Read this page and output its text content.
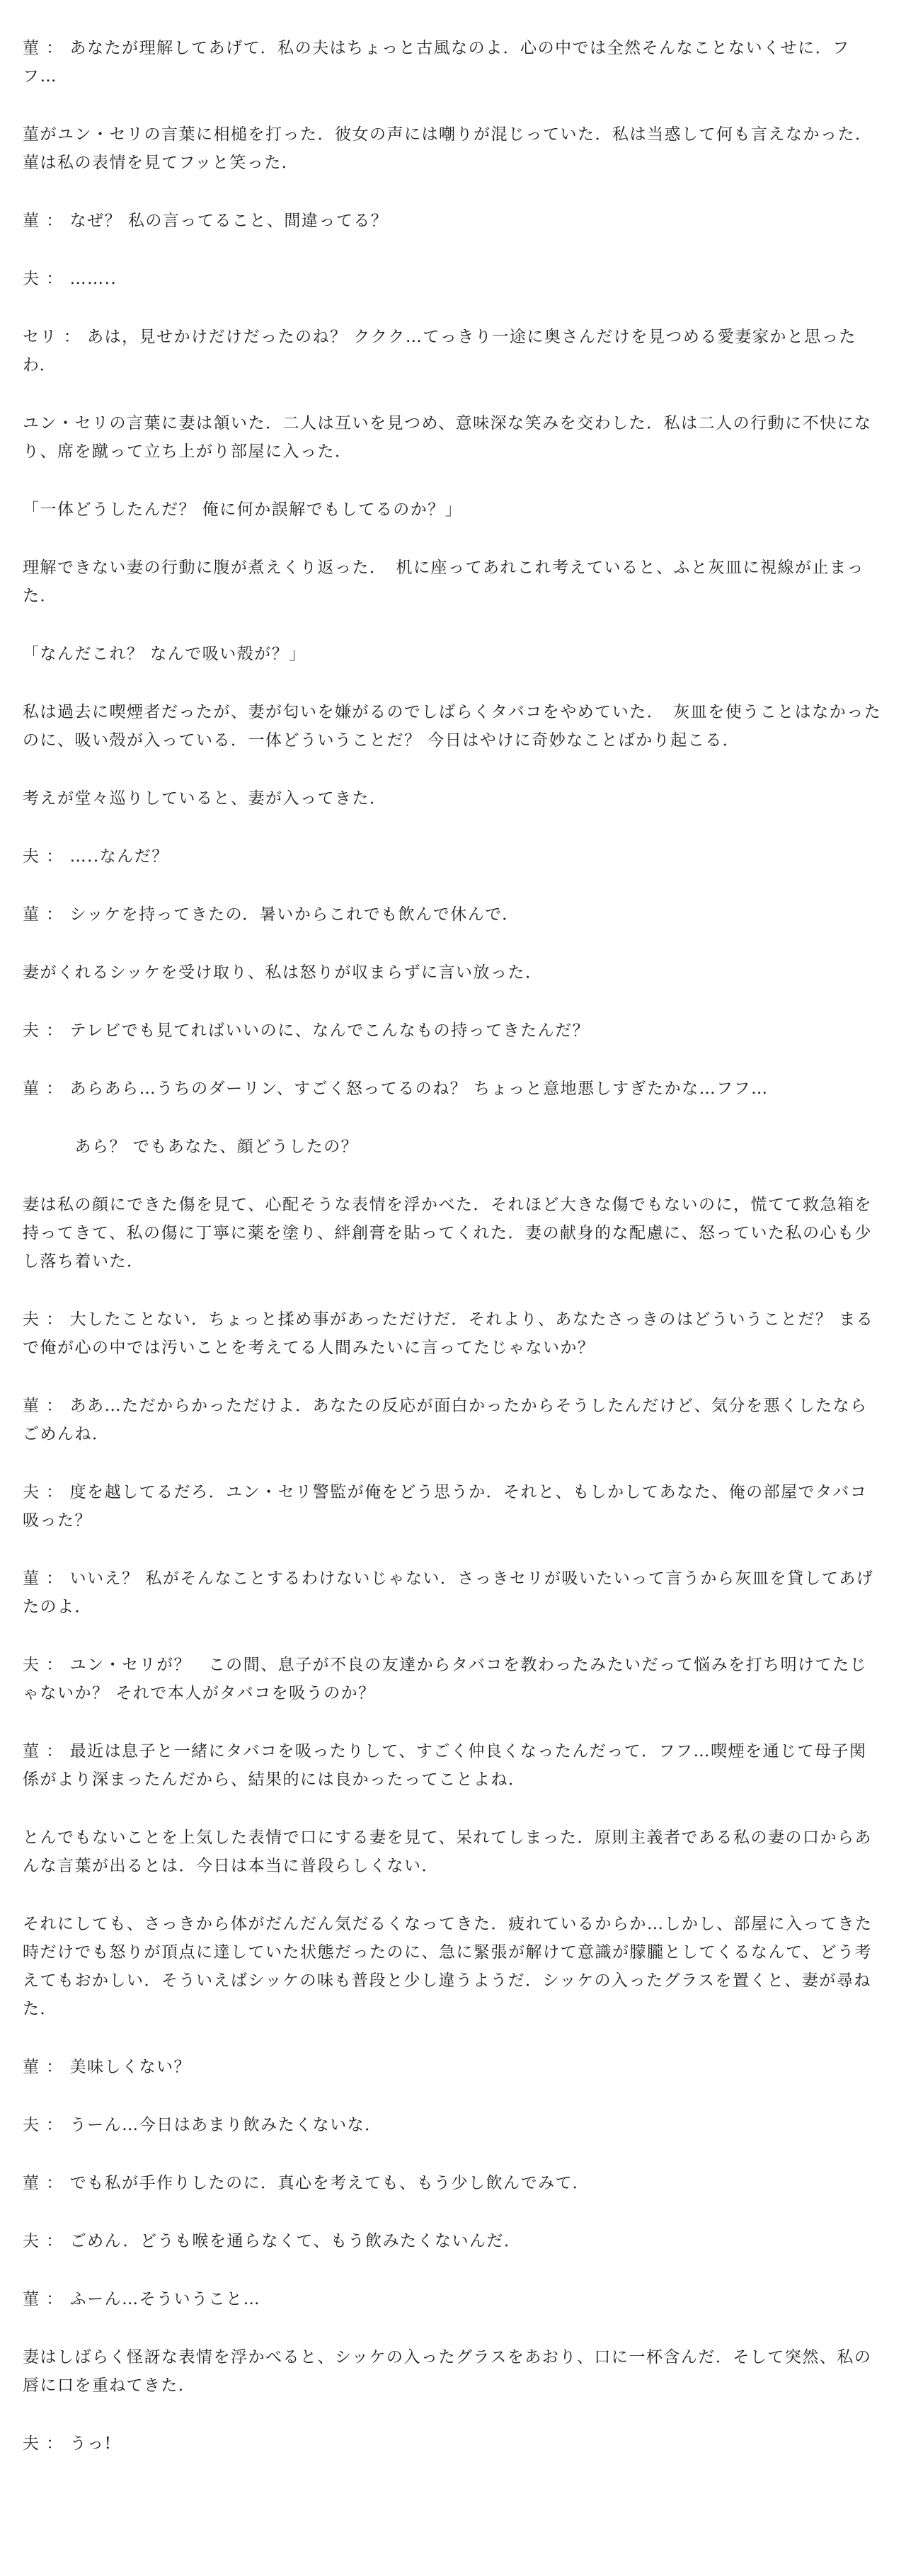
菫 ： あなたが理解してあげて．私の夫はちょっと古風なのよ．心の中では全然そんなことないくせに．フフ…

菫がユン・セリの言葉に相槌を打った．彼女の声には嘲りが混じっていた．私は当惑して何も言えなかった．菫は私の表情を見てフッと笑った．

菫 ： なぜ？ 私の言ってること、間違ってる？

夫 ： ……..

セリ ： あは，見せかけだけだったのね？ ククク…てっきり一途に奥さんだけを見つめる愛妻家かと思ったわ．

ユン・セリの言葉に妻は頷いた．二人は互いを見つめ、意味深な笑みを交わした．私は二人の行動に不快になり、席を蹴って立ち上がり部屋に入った．

「一体どうしたんだ？ 俺に何か誤解でもしてるのか？」

理解できない妻の行動に腹が煮えくり返った．　机に座ってあれこれ考えていると、ふと灰皿に視線が止まった．

「なんだこれ？ なんで吸い殻が？」

私は過去に喫煙者だったが、妻が匂いを嫌がるのでしばらくタバコをやめていた．　灰皿を使うことはなかったのに、吸い殻が入っている．一体どういうことだ？ 今日はやけに奇妙なことばかり起こる．

考えが堂々巡りしていると、妻が入ってきた．

夫 ： …..なんだ？

菫 ： シッケを持ってきたの．暑いからこれでも飲んで休んで．

妻がくれるシッケを受け取り、私は怒りが収まらずに言い放った．

夫 ： テレビでも見てればいいのに、なんでこんなもの持ってきたんだ？

菫 ： あらあら…うちのダーリン、すごく怒ってるのね？ ちょっと意地悪しすぎたかな…フフ…

　　　あら？ でもあなた、顔どうしたの？

妻は私の顔にできた傷を見て、心配そうな表情を浮かべた．それほど大きな傷でもないのに，慌てて救急箱を持ってきて、私の傷に丁寧に薬を塗り、絆創膏を貼ってくれた．妻の献身的な配慮に、怒っていた私の心も少し落ち着いた．

夫 ： 大したことない．ちょっと揉め事があっただけだ．それより、あなたさっきのはどういうことだ？ まるで俺が心の中では汚いことを考えてる人間みたいに言ってたじゃないか？

菫 ： ああ…ただからかっただけよ．あなたの反応が面白かったからそうしたんだけど、気分を悪くしたならごめんね．

夫 ： 度を越してるだろ．ユン・セリ警監が俺をどう思うか．それと、もしかしてあなた、俺の部屋でタバコ吸った？

菫 ： いいえ？ 私がそんなことするわけないじゃない．さっきセリが吸いたいって言うから灰皿を貸してあげたのよ．

夫 ： ユン・セリが？　この間、息子が不良の友達からタバコを教わったみたいだって悩みを打ち明けてたじゃないか？ それで本人がタバコを吸うのか？

菫 ： 最近は息子と一緒にタバコを吸ったりして、すごく仲良くなったんだって．フフ…喫煙を通じて母子関係がより深まったんだから、結果的には良かったってことよね．

とんでもないことを上気した表情で口にする妻を見て、呆れてしまった．原則主義者である私の妻の口からあんな言葉が出るとは．今日は本当に普段らしくない．

それにしても、さっきから体がだんだん気だるくなってきた．疲れているからか…しかし、部屋に入ってきた時だけでも怒りが頂点に達していた状態だったのに、急に緊張が解けて意識が朦朧としてくるなんて、どう考えてもおかしい．そういえばシッケの味も普段と少し違うようだ．シッケの入ったグラスを置くと、妻が尋ねた．

菫 ： 美味しくない？

夫 ： うーん…今日はあまり飲みたくないな．

菫 ： でも私が手作りしたのに．真心を考えても、もう少し飲んでみて．

夫 ： ごめん．どうも喉を通らなくて、もう飲みたくないんだ．

菫 ： ふーん…そういうこと…

妻はしばらく怪訝な表情を浮かべると、シッケの入ったグラスをあおり、口に一杯含んだ．そして突然、私の唇に口を重ねてきた．

夫 ： うっ!
